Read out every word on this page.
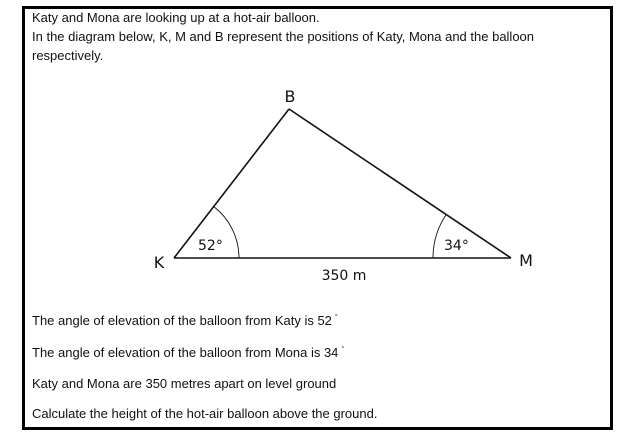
Katy and Mona are looking up at a hot-air balloon.

In the diagram below, K, M and B represent the positions of Katy, Mona and the balloon respectively.

B
K	M
52°	34°
350 m
The angle of elevation of the balloon from Katy is 52 °
The angle of elevation of the balloon from Mona is 34 °
Katy and Mona are 350 metres apart on level ground
Calculate the height of the hot-air balloon above the ground.
